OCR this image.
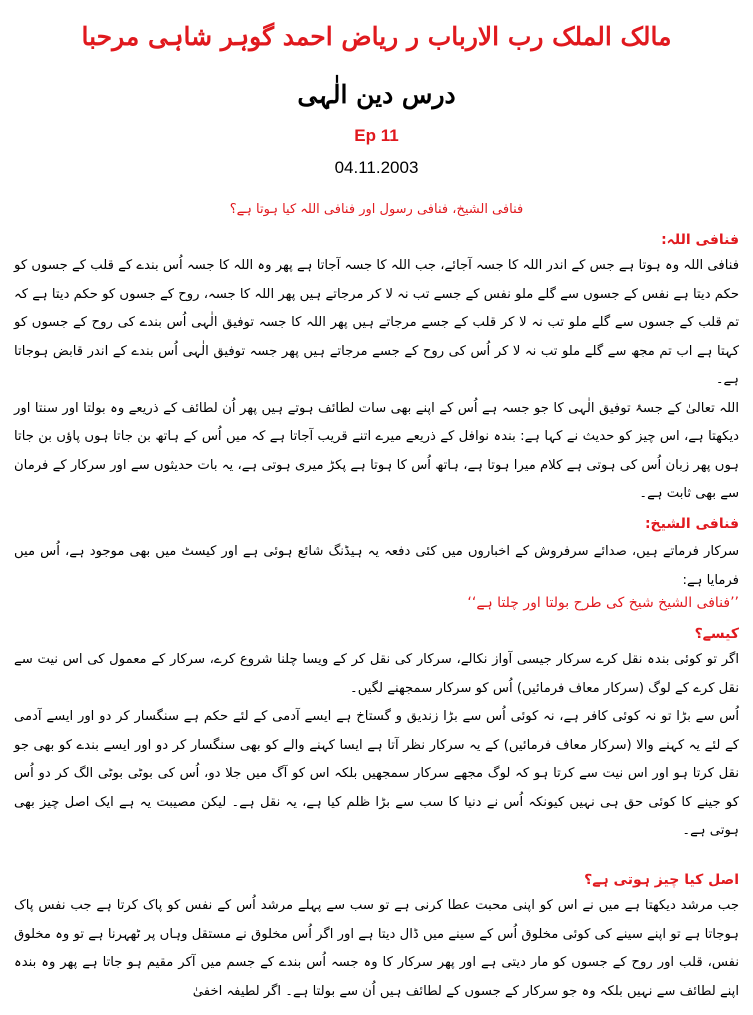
مالک الملک رب الارباب ر ریاض احمد گوہر شاہی مرحبا
درس دین الٰہی
Ep 11
04.11.2003
فنافی الشیخ، فنافی رسول اور فنافی اللہ کیا ہوتا ہے؟

فنافی اللہ:

فنافی اللہ وہ ہوتا ہے جس کے اندر اللہ کا جسہ آجائے، جب اللہ کا جسہ آجاتا ہے پھر وہ اللہ کا جسہ اُس بندے کے قلب کے جسوں کو حکم دیتا ہے نفس کے جسوں سے گلے ملو نفس کے جسے تب نہ لا کر مرجاتے ہیں پھر اللہ کا جسہ، روح کے جسوں کو حکم دیتا ہے کہ تم قلب کے جسوں سے گلے ملو تب نہ لا کر قلب کے جسے مرجاتے ہیں پھر اللہ کا جسہ توفیق الٰہی اُس بندے کی روح کے جسوں کو کہتا ہے اب تم مجھ سے گلے ملو تب نہ لا کر اُس کی روح کے جسے مرجاتے ہیں پھر جسہ توفیق الٰہی اُس بندے کے اندر قابض ہوجاتا ہے۔

اللہ تعالیٰ کے جسۂ توفیق الٰہی کا جو جسہ ہے اُس کے اپنے بھی سات لطائف ہوتے ہیں پھر اُن لطائف کے ذریعے وہ بولتا اور سنتا اور دیکھتا ہے، اس چیز کو حدیث نے کہا ہے: بندہ نوافل کے ذریعے میرے اتنے قریب آجاتا ہے کہ میں اُس کے ہاتھ بن جاتا ہوں پاؤں بن جاتا ہوں پھر زبان اُس کی ہوتی ہے کلام میرا ہوتا ہے، ہاتھ اُس کا ہوتا ہے پکڑ میری ہوتی ہے، یہ بات حدیثوں سے اور سرکار کے فرمان سے بھی ثابت ہے۔

فنافی الشیخ:

سرکار فرماتے ہیں، صدائے سرفروش کے اخباروں میں کئی دفعہ یہ ہیڈنگ شائع ہوئی ہے اور کیسٹ میں بھی موجود ہے، اُس میں فرمایا ہے:

’’فنافی الشیخ شیخ کی طرح بولتا اور چلتا ہے‘‘

کیسے؟

اگر تو کوئی بندہ نقل کرے سرکار جیسی آواز نکالے، سرکار کی نقل کر کے ویسا چلنا شروع کرے، سرکار کے معمول کی اس نیت سے نقل کرے کے لوگ (سرکار معاف فرمائیں) اُس کو سرکار سمجھنے لگیں۔

اُس سے بڑا تو نہ کوئی کافر ہے، نہ کوئی اُس سے بڑا زندیق و گستاخ ہے ایسے آدمی کے لئے حکم ہے سنگسار کر دو اور ایسے آدمی کے لئے یہ کہنے والا (سرکار معاف فرمائیں) کے یہ سرکار نظر آتا ہے ایسا کہنے والے کو بھی سنگسار کر دو اور ایسے بندے کو بھی جو نقل کرتا ہو اور اس نیت سے کرتا ہو کہ لوگ مجھے سرکار سمجھیں بلکہ اس کو آگ میں جلا دو، اُس کی بوٹی بوٹی الگ کر دو اُس کو جینے کا کوئی حق ہی نہیں کیونکہ اُس نے دنیا کا سب سے بڑا ظلم کیا ہے، یہ نقل ہے۔ لیکن مصیبت یہ ہے ایک اصل چیز بھی ہوتی ہے۔

اصل کیا چیز ہوتی ہے؟

جب مرشد دیکھتا ہے میں نے اس کو اپنی محبت عطا کرنی ہے تو سب سے پہلے مرشد اُس کے نفس کو پاک کرتا ہے جب نفس پاک ہوجاتا ہے تو اپنے سینے کی کوئی مخلوق اُس کے سینے میں ڈال دیتا ہے اور اگر اُس مخلوق نے مستقل وہاں پر ٹھہرنا ہے تو وہ مخلوق نفس، قلب اور روح کے جسوں کو مار دیتی ہے اور پھر سرکار کا وہ جسہ اُس بندے کے جسم میں آکر مقیم ہو جاتا ہے پھر وہ بندہ اپنے لطائف سے نہیں بلکہ وہ جو سرکار کے جسوں کے لطائف ہیں اُن سے بولتا ہے۔ اگر لطیفہ اخفیٰ
